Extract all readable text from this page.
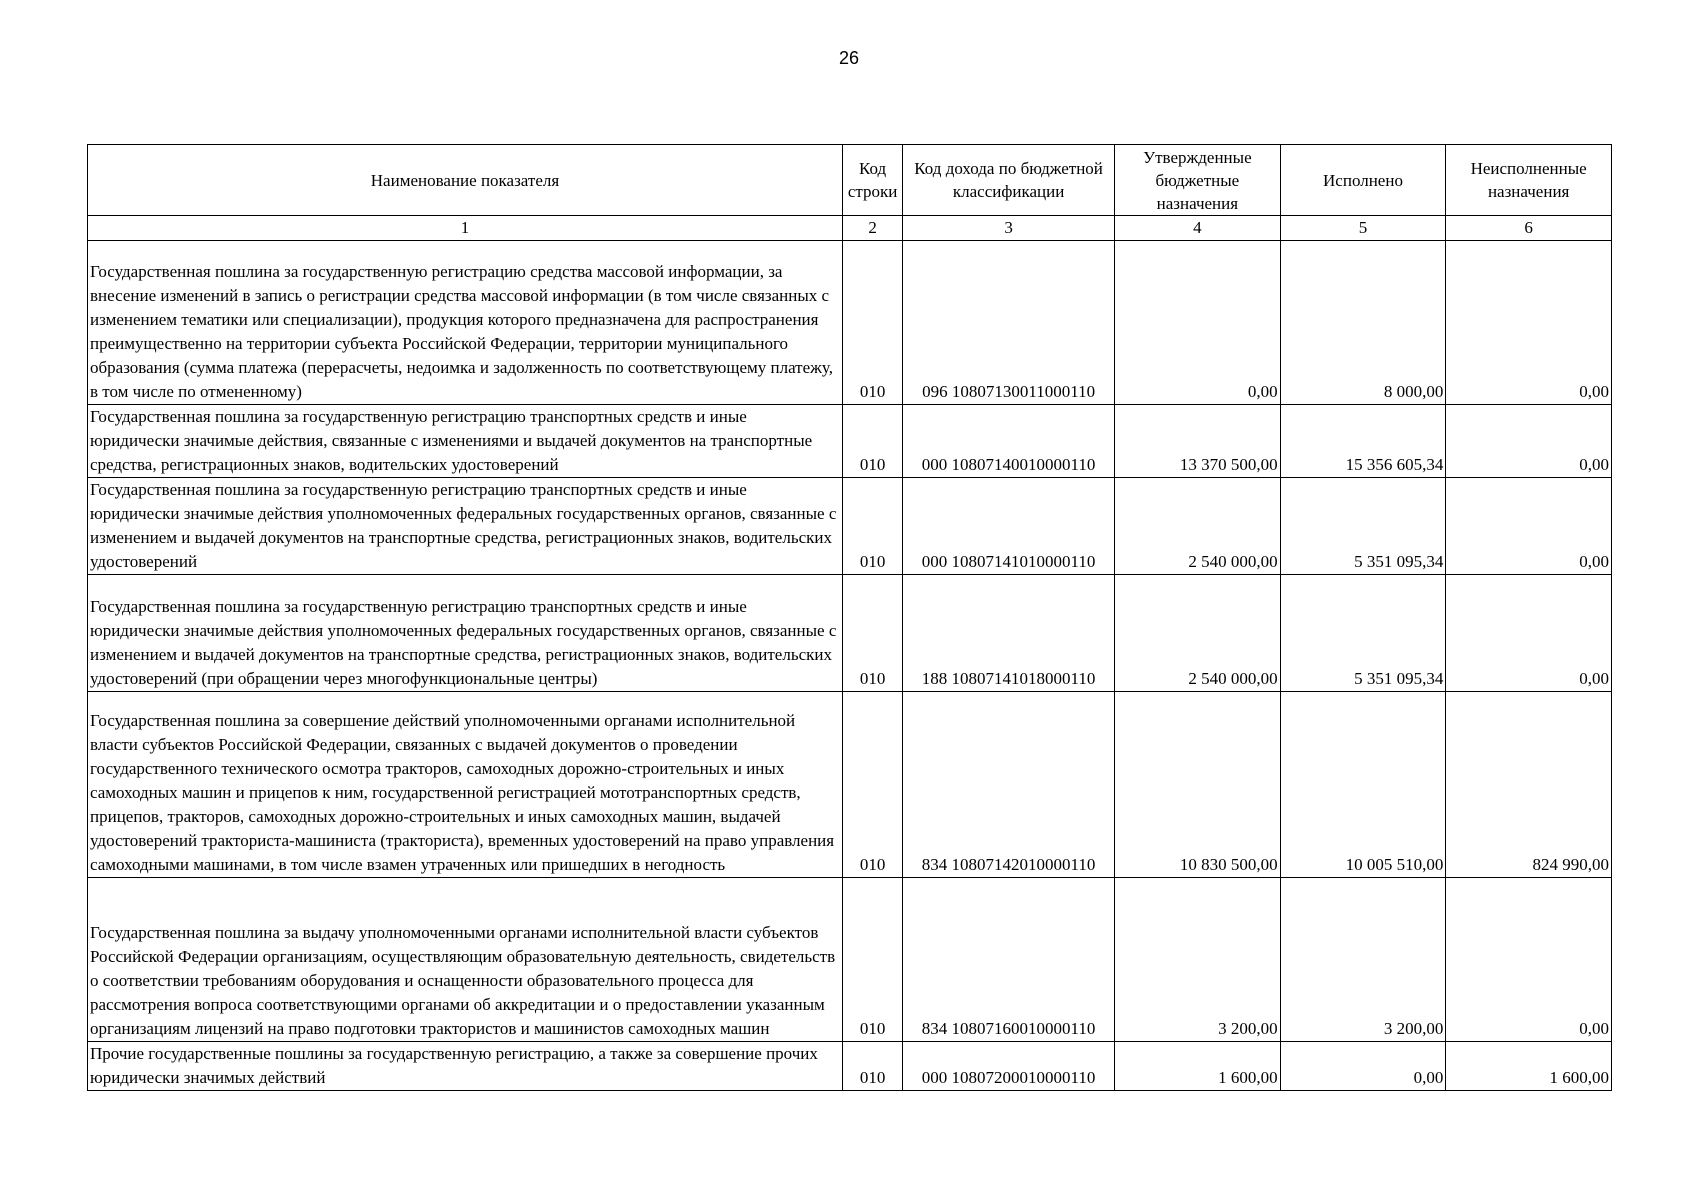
26
Наименование показателя	Код строки	Код дохода по бюджетной классификации	Утвержденные бюджетные назначения	Исполнено	Неисполненные назначения
1	2	3	4	5	6
Государственная пошлина за государственную регистрацию средства массовой информации, за внесение изменений в запись о регистрации средства массовой информации (в том числе связанных с изменением тематики или специализации), продукция которого предназначена для распространения преимущественно на территории субъекта Российской Федерации, территории муниципального образования (сумма платежа (перерасчеты, недоимка и задолженность по соответствующему платежу, в том числе по отмененному)	010	096 10807130011000110	0,00	8 000,00	0,00
Государственная пошлина за государственную регистрацию транспортных средств и иные юридически значимые действия, связанные с изменениями и выдачей документов на транспортные средства, регистрационных знаков, водительских удостоверений	010	000 10807140010000110	13 370 500,00	15 356 605,34	0,00
Государственная пошлина за государственную регистрацию транспортных средств и иные юридически значимые действия уполномоченных федеральных государственных органов, связанные с изменением и выдачей документов на транспортные средства, регистрационных знаков, водительских удостоверений	010	000 10807141010000110	2 540 000,00	5 351 095,34	0,00
Государственная пошлина за государственную регистрацию транспортных средств и иные юридически значимые действия уполномоченных федеральных государственных органов, связанные с изменением и выдачей документов на транспортные средства, регистрационных знаков, водительских удостоверений (при обращении через многофункциональные центры)	010	188 10807141018000110	2 540 000,00	5 351 095,34	0,00
Государственная пошлина за совершение действий уполномоченными органами исполнительной власти субъектов Российской Федерации, связанных с выдачей документов о проведении государственного технического осмотра тракторов, самоходных дорожно-строительных и иных самоходных машин и прицепов к ним, государственной регистрацией мототранспортных средств, прицепов, тракторов, самоходных дорожно-строительных и иных самоходных машин, выдачей удостоверений тракториста-машиниста (тракториста), временных удостоверений на право управления самоходными машинами, в том числе взамен утраченных или пришедших в негодность	010	834 10807142010000110	10 830 500,00	10 005 510,00	824 990,00
Государственная пошлина за выдачу уполномоченными органами исполнительной власти субъектов Российской Федерации организациям, осуществляющим образовательную деятельность, свидетельств о соответствии требованиям оборудования и оснащенности образовательного процесса для рассмотрения вопроса соответствующими органами об аккредитации и о предоставлении указанным организациям лицензий на право подготовки трактористов и машинистов самоходных машин	010	834 10807160010000110	3 200,00	3 200,00	0,00
Прочие государственные пошлины за государственную регистрацию, а также за совершение прочих юридически значимых действий	010	000 10807200010000110	1 600,00	0,00	1 600,00
